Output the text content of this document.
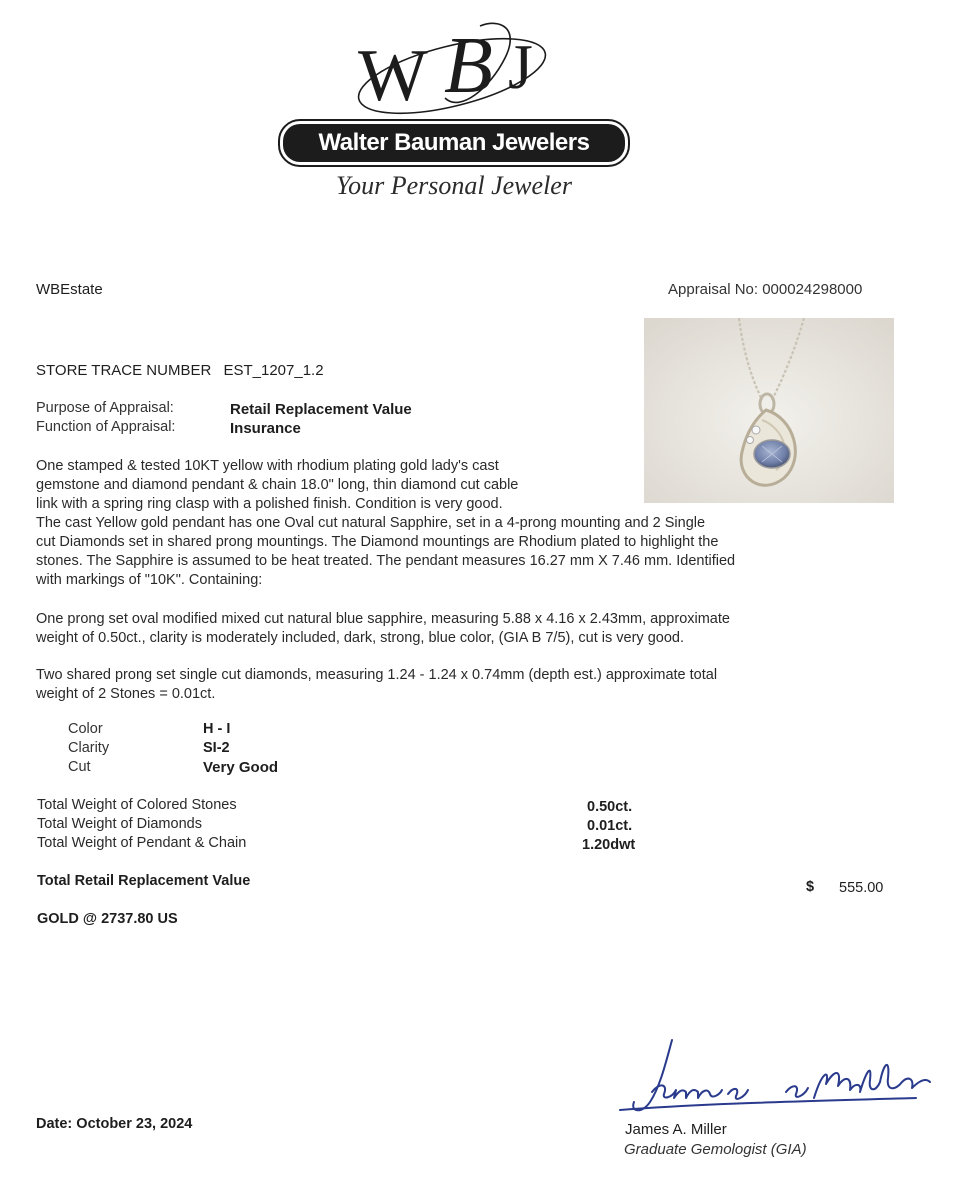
W B J
Walter Bauman Jewelers
Your Personal Jeweler
WBEstate	Appraisal No: 000024298000
STORE TRACE NUMBER EST_1207_1.2
Purpose of Appraisal:	Retail Replacement Value
Function of Appraisal:	Insurance
One stamped & tested 10KT yellow with rhodium plating gold lady's cast
gemstone and diamond pendant & chain 18.0" long, thin diamond cut cable
link with a spring ring clasp with a polished finish. Condition is very good.
The cast Yellow gold pendant has one Oval cut natural Sapphire, set in a 4-prong mounting and 2 Single
cut Diamonds set in shared prong mountings. The Diamond mountings are Rhodium plated to highlight the
stones. The Sapphire is assumed to be heat treated. The pendant measures 16.27 mm X 7.46 mm. Identified
with markings of "10K". Containing:
One prong set oval modified mixed cut natural blue sapphire, measuring 5.88 x 4.16 x 2.43mm, approximate
weight of 0.50ct., clarity is moderately included, dark, strong, blue color, (GIA B 7/5), cut is very good.
Two shared prong set single cut diamonds, measuring 1.24 - 1.24 x 0.74mm (depth est.) approximate total
weight of 2 Stones = 0.01ct.
Color	H - I
Clarity	SI-2
Cut	Very Good
Total Weight of Colored Stones	0.50ct.
Total Weight of Diamonds	0.01ct.
Total Weight of Pendant & Chain	1.20dwt
Total Retail Replacement Value	$ 555.00
GOLD @ 2737.80 US
James A. Miller
Graduate Gemologist (GIA)
Date: October 23, 2024
